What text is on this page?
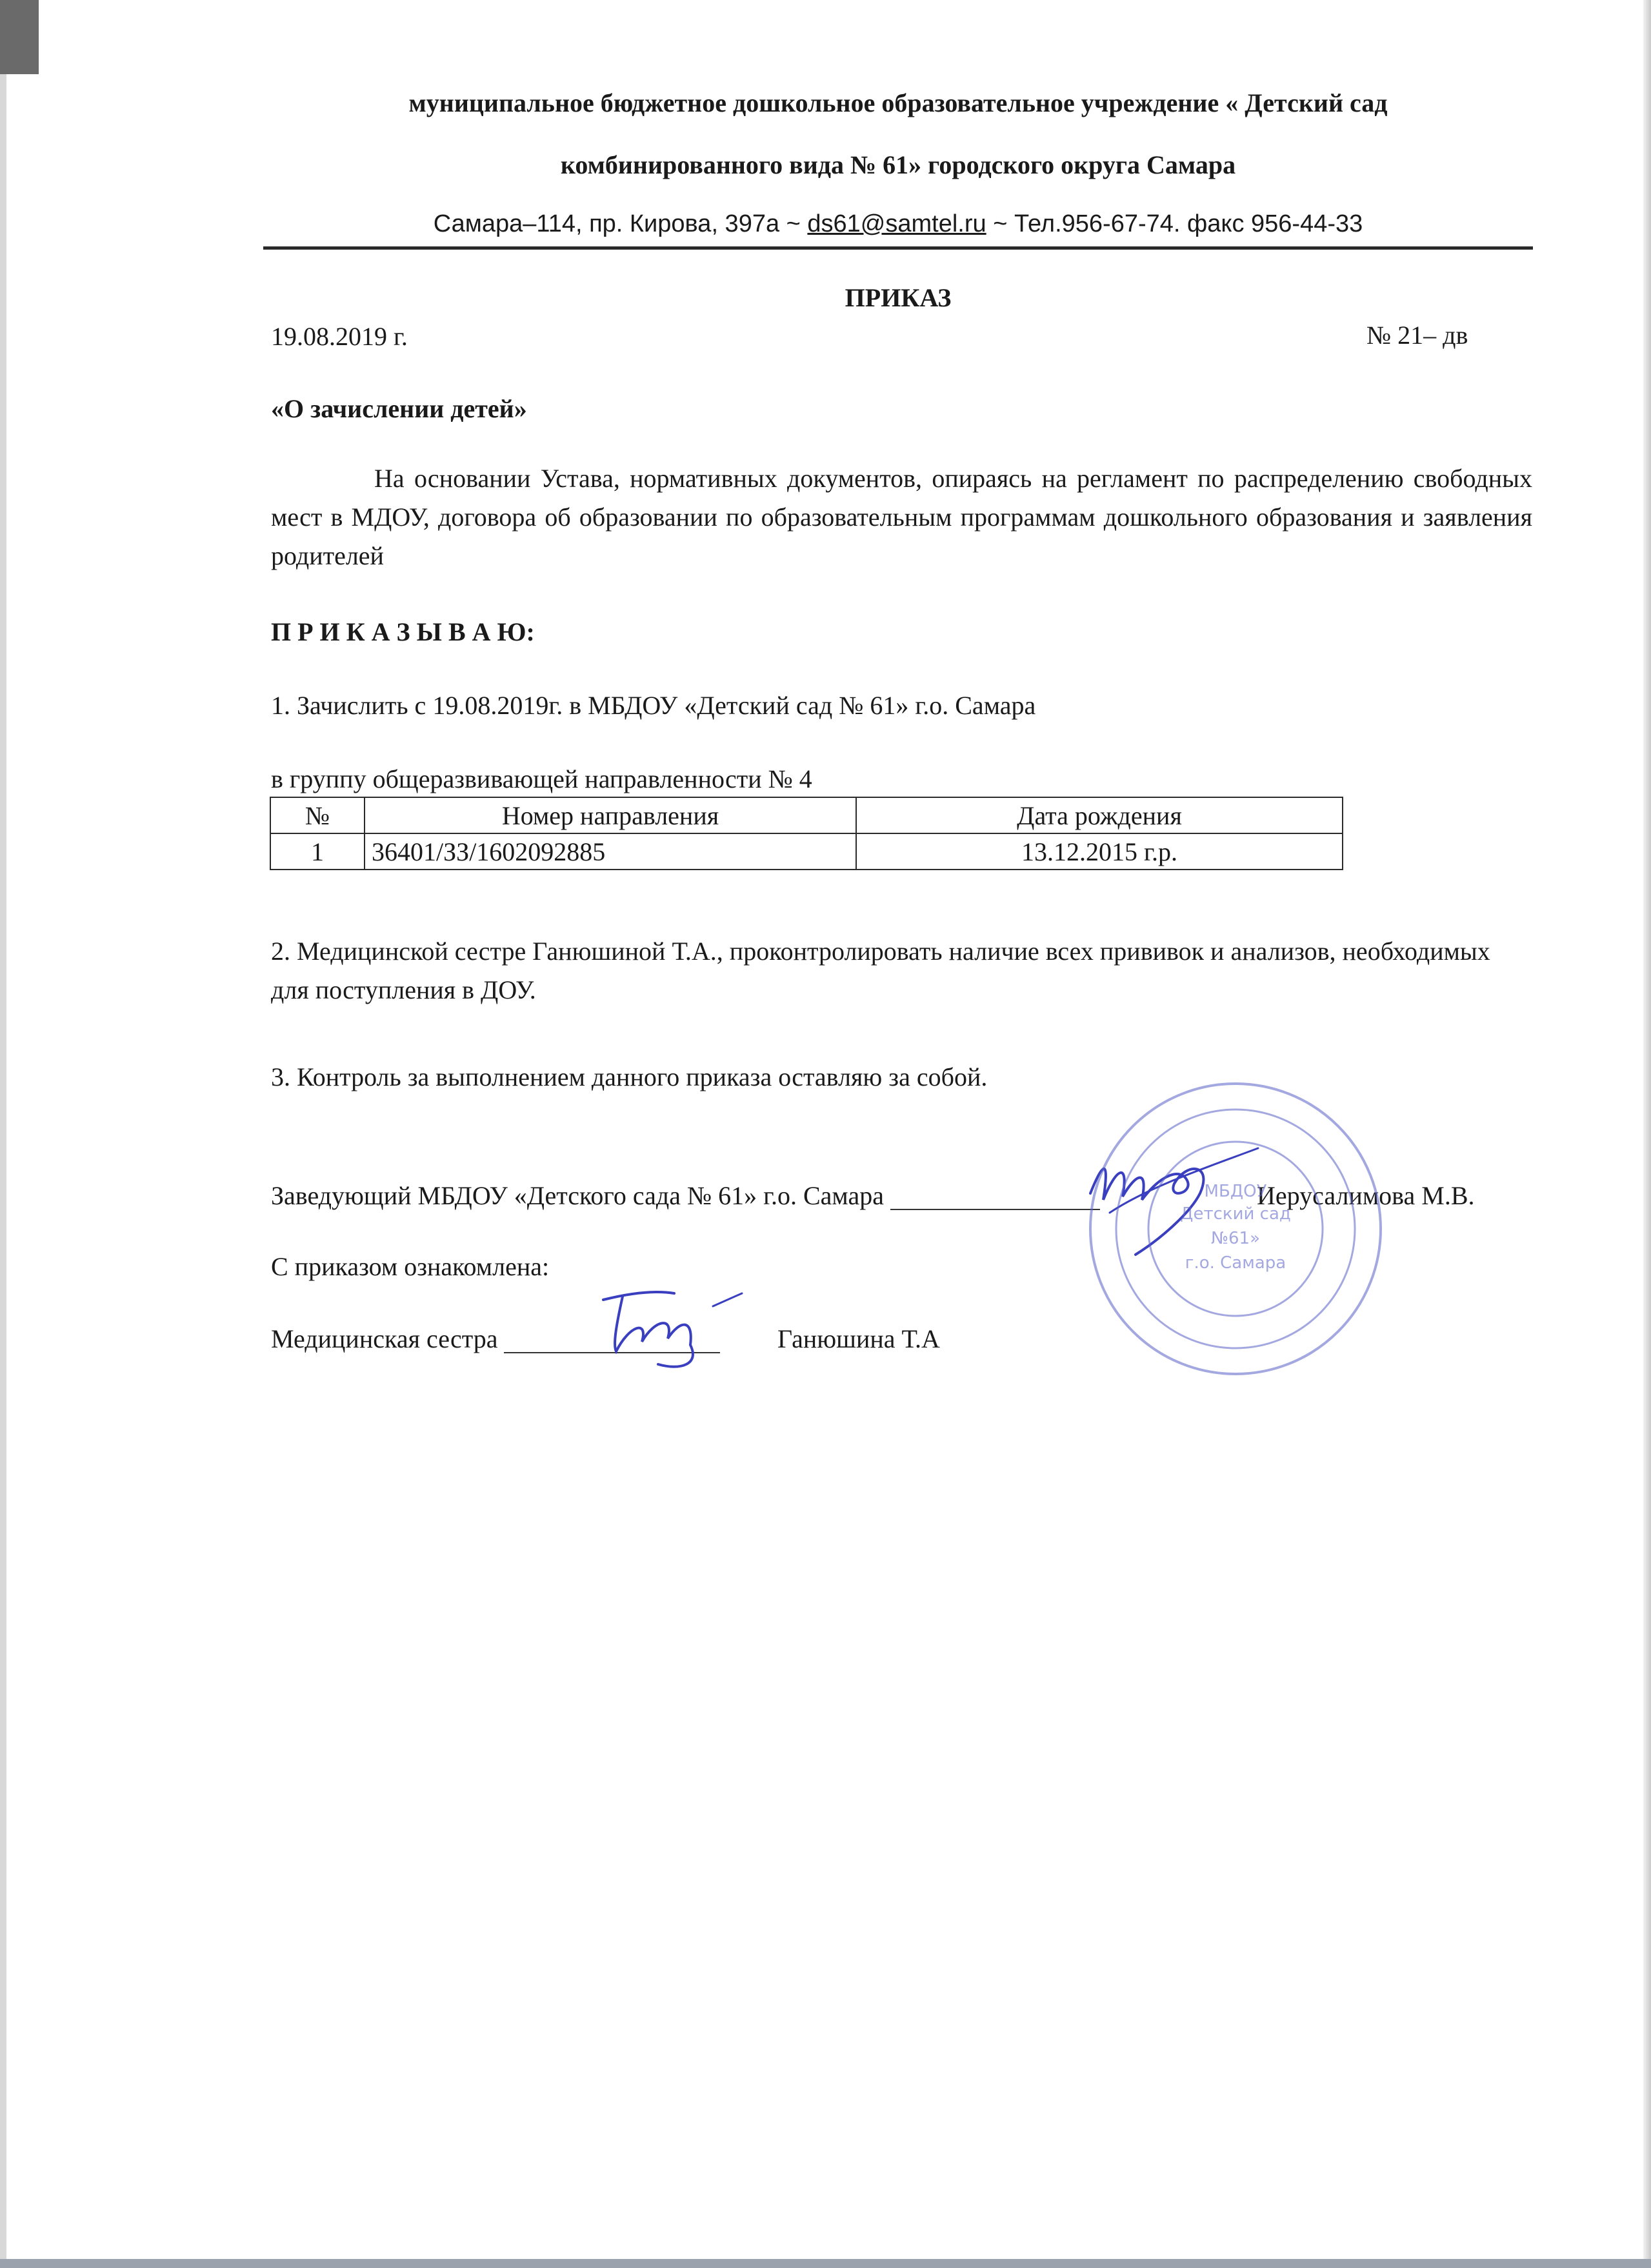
муниципальное бюджетное дошкольное образовательное учреждение « Детский сад
комбинированного вида № 61» городского округа Самара
Самара–114, пр. Кирова, 397а ~ ds61@samtel.ru ~ Тел.956-67-74. факс 956-44-33
ПРИКАЗ
19.08.2019 г.	№ 21– дв
«О зачислении детей»
На основании Устава, нормативных документов, опираясь на регламент по распределению свободных мест в МДОУ, договора об образовании по образовательным программам дошкольного образования и заявления родителей
П Р И К А З Ы В А Ю:
1. Зачислить с 19.08.2019г. в МБДОУ «Детский сад № 61» г.о. Самара
в группу общеразвивающей направленности № 4
№	Номер направления	Дата рождения
1	36401/ЗЗ/1602092885	13.12.2015 г.р.
2. Медицинской сестре Ганюшиной Т.А., проконтролировать наличие всех прививок и анализов, необходимых для поступления в ДОУ.
3. Контроль за выполнением данного приказа оставляю за собой.
Заведующий МБДОУ «Детского сада № 61» г.о. Самара	Иерусалимова М.В.
С приказом ознакомлена:
Медицинская сестра	Ганюшина Т.А
МБДОУ
Детский сад
№61»
г.о. Самара
